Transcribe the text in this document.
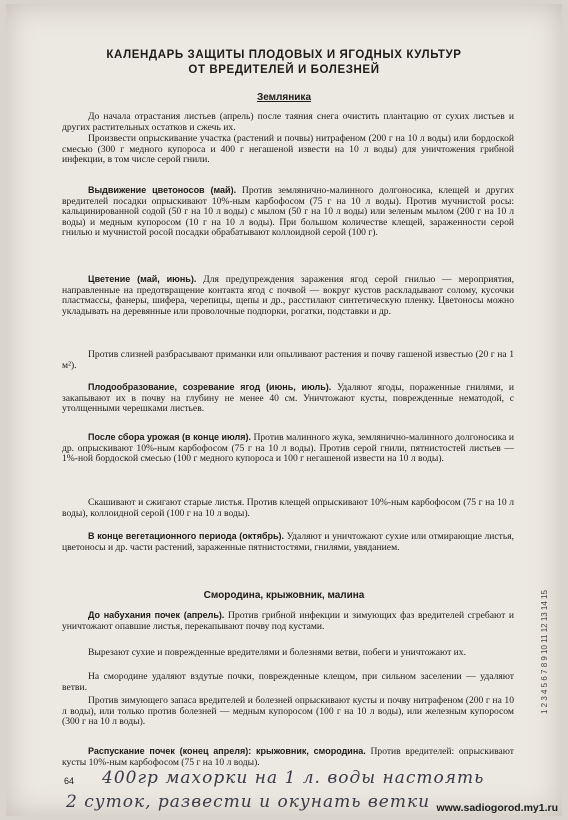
КАЛЕНДАРЬ ЗАЩИТЫ ПЛОДОВЫХ И ЯГОДНЫХ КУЛЬТУР
ОТ ВРЕДИТЕЛЕЙ И БОЛЕЗНЕЙ
Земляника
До начала отрастания листьев (апрель) после таяния снега очистить плантацию от сухих листьев и других растительных остатков и сжечь их.
Произвести опрыскивание участка (растений и почвы) нитрафеном (200 г на 10 л воды) или бордоской смесью (300 г медного купороса и 400 г негашеной извести на 10 л воды) для уничтожения грибной инфекции, в том числе серой гнили.
Выдвижение цветоносов (май). Против землянично-малинного долгоносика, клещей и других вредителей посадки опрыскивают 10%-ным карбофосом (75 г на 10 л воды). Против мучнистой росы: кальцинированной содой (50 г на 10 л воды) с мылом (50 г на 10 л воды) или зеленым мылом (200 г на 10 л воды) и медным купоросом (10 г на 10 л воды). При большом количестве клещей, зараженности серой гнилью и мучнистой росой посадки обрабатывают коллоидной серой (100 г).
Цветение (май, июнь). Для предупреждения заражения ягод серой гнилью — мероприятия, направленные на предотвращение контакта ягод с почвой — вокруг кустов раскладывают солому, кусочки пластмассы, фанеры, шифера, черепицы, щепы и др., расстилают синтетическую пленку. Цветоносы можно укладывать на деревянные или проволочные подпорки, рогатки, подставки и др.
Против слизней разбрасывают приманки или опыливают растения и почву гашеной известью (20 г на 1 м²).
Плодообразование, созревание ягод (июнь, июль). Удаляют ягоды, пораженные гнилями, и закапывают их в почву на глубину не менее 40 см. Уничтожают кусты, поврежденные нематодой, с утолщенными черешками листьев.
После сбора урожая (в конце июля). Против малинного жука, землянично-малинного долгоносика и др. опрыскивают 10%-ным карбофосом (75 г на 10 л воды). Против серой гнили, пятнистостей листьев — 1%-ной бордоской смесью (100 г медного купороса и 100 г негашеной извести на 10 л воды).
Скашивают и сжигают старые листья. Против клещей опрыскивают 10%-ным карбофосом (75 г на 10 л воды), коллоидной серой (100 г на 10 л воды).
В конце вегетационного периода (октябрь). Удаляют и уничтожают сухие или отмирающие листья, цветоносы и др. части растений, зараженные пятнистостями, гнилями, увяданием.
Смородина, крыжовник, малина
До набухания почек (апрель). Против грибной инфекции и зимующих фаз вредителей сгребают и уничтожают опавшие листья, перекапывают почву под кустами.
Вырезают сухие и поврежденные вредителями и болезнями ветви, побеги и уничтожают их.
На смородине удаляют вздутые почки, поврежденные клещом, при сильном заселении — удаляют ветви.
Против зимующего запаса вредителей и болезней опрыскивают кусты и почву нитрафеном (200 г на 10 л воды), или только против болезней — медным купоросом (100 г на 10 л воды), или железным купоросом (300 г на 10 л воды).
Распускание почек (конец апреля): крыжовник, смородина. Против вредителей: опрыскивают кусты 10%-ным карбофосом (75 г на 10 л воды).
64 400гр махорки на 1 л. воды настоять
2 суток, развести и окунать ветки
1 2 3 4 5 6 7 8 9 10 11 12 13 14 15
www.sadiogorod.my1.ru
